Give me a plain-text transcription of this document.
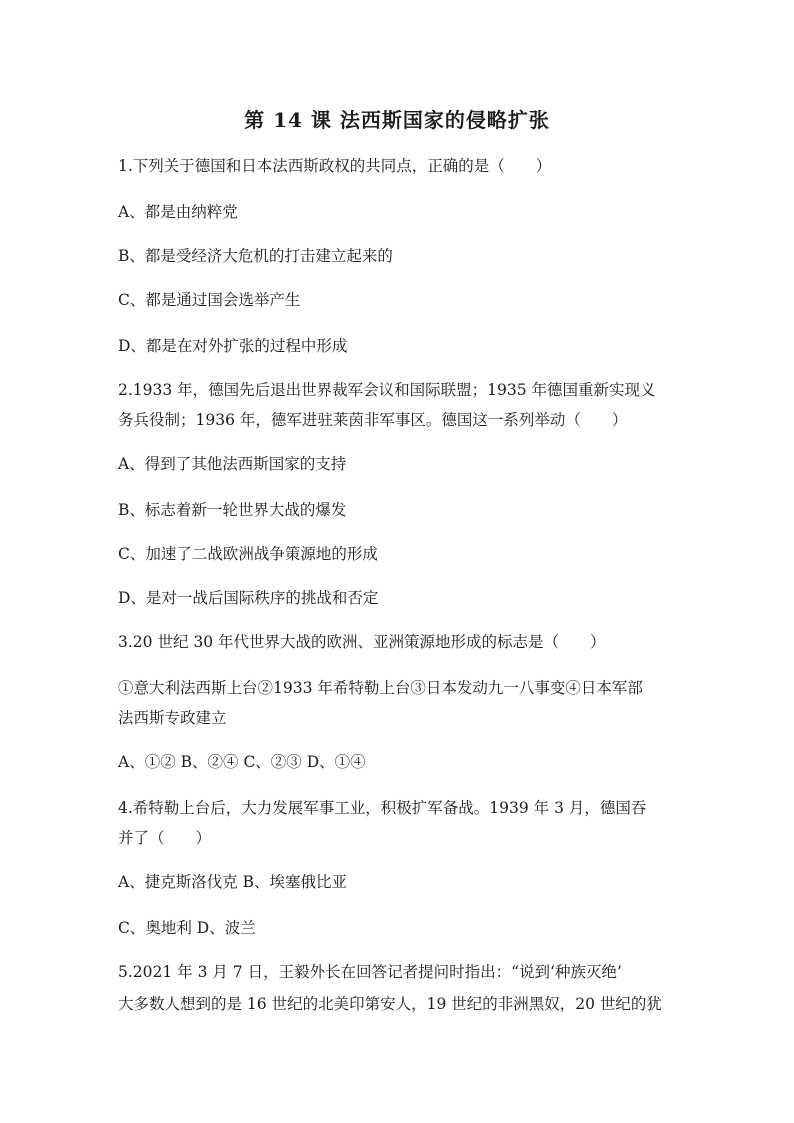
第 14 课 法西斯国家的侵略扩张
1.下列关于德国和日本法西斯政权的共同点，正确的是（　　）
A、都是由纳粹党
B、都是受经济大危机的打击建立起来的
C、都是通过国会选举产生
D、都是在对外扩张的过程中形成
2.1933 年，德国先后退出世界裁军会议和国际联盟；1935 年德国重新实现义
务兵役制；1936 年，德军进驻莱茵非军事区。德国这一系列举动（　　）
A、得到了其他法西斯国家的支持
B、标志着新一轮世界大战的爆发
C、加速了二战欧洲战争策源地的形成
D、是对一战后国际秩序的挑战和否定
3.20 世纪 30 年代世界大战的欧洲、亚洲策源地形成的标志是（　　）
①意大利法西斯上台②1933 年希特勒上台③日本发动九一八事变④日本军部
法西斯专政建立
A、①② B、②④ C、②③ D、①④
4.希特勒上台后，大力发展军事工业，积极扩军备战。1939 年 3 月，德国吞
并了（　　）
A、捷克斯洛伐克 B、埃塞俄比亚
C、奥地利 D、波兰
5.2021 年 3 月 7 日，王毅外长在回答记者提问时指出：“说到‘种族灭绝’
大多数人想到的是 16 世纪的北美印第安人，19 世纪的非洲黑奴，20 世纪的犹
